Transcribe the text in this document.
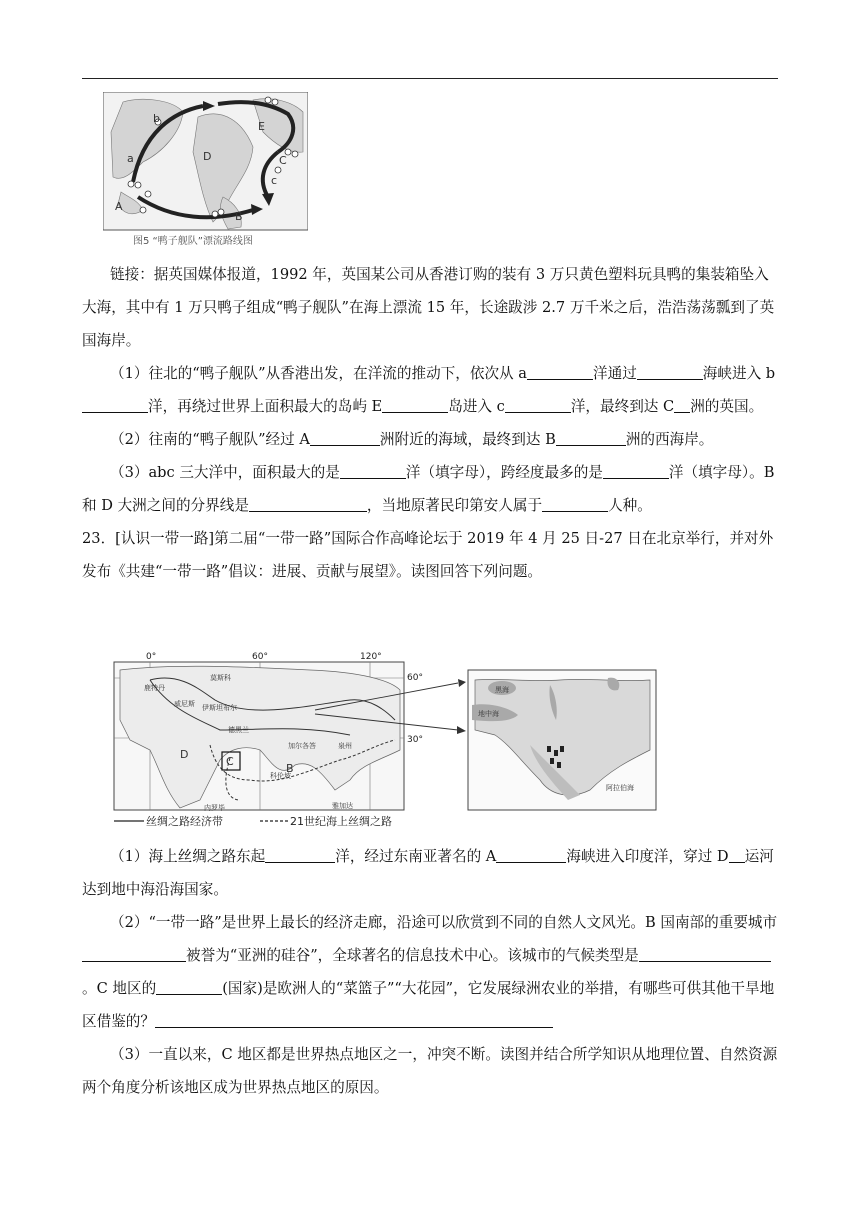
b
a	D
E
C
c
A
B
图5 “鸭子舰队”漂流路线图

链接：据英国媒体报道，1992 年，英国某公司从香港订购的装有 3 万只黄色塑料玩具鸭的集装箱坠入大海，其中有 1 万只鸭子组成“鸭子舰队”在海上漂流 15 年，长途跋涉 2.7 万千米之后，浩浩荡荡瓢到了英国海岸。

（1）往北的“鸭子舰队”从香港出发，在洋流的推动下，依次从 a	洋通过	海峡进入 b洋，再绕过世界上面积最大的岛屿 E	岛进入 c	洋，最终到达 C 洲的英国。

（2）往南的“鸭子舰队”经过 A	洲附近的海域，最终到达 B	洲的西海岸。

（3）abc 三大洋中，面积最大的是	洋（填字母），跨经度最多的是	洋（填字母）。B 和 D 大洲之间的分界线是	，当地原著民印第安人属于	人种。

23．[认识一带一路]第二届“一带一路”国际合作高峰论坛于 2019 年 4 月 25 日-27 日在北京举行，并对外发布《共建“一带一路”倡议：进展、贡献与展望》。读图回答下列问题。

0°	60°	120°
60°
30°
莫斯科
鹿特丹
威尼斯 伊斯坦布尔
德黑兰
加尔各答	泉州
科伦坡
内罗毕	雅加达
D
B
C
黑海
地中海
阿拉伯海
丝绸之路经济带	21世纪海上丝绸之路

（1）海上丝绸之路东起	洋，经过东南亚著名的 A	海峡进入印度洋，穿过 D 运河达到地中海沿海国家。

（2）“一带一路”是世界上最长的经济走廊，沿途可以欣赏到不同的自然人文风光。B 国南部的重要城市被誉为“亚洲的硅谷”，全球著名的信息技术中心。该城市的气候类型是。C 地区的	(国家)是欧洲人的“菜篮子”“大花园”，它发展绿洲农业的举措，有哪些可供其他干旱地区借鉴的？

（3）一直以来，C 地区都是世界热点地区之一，冲突不断。读图并结合所学知识从地理位置、自然资源两个角度分析该地区成为世界热点地区的原因。
